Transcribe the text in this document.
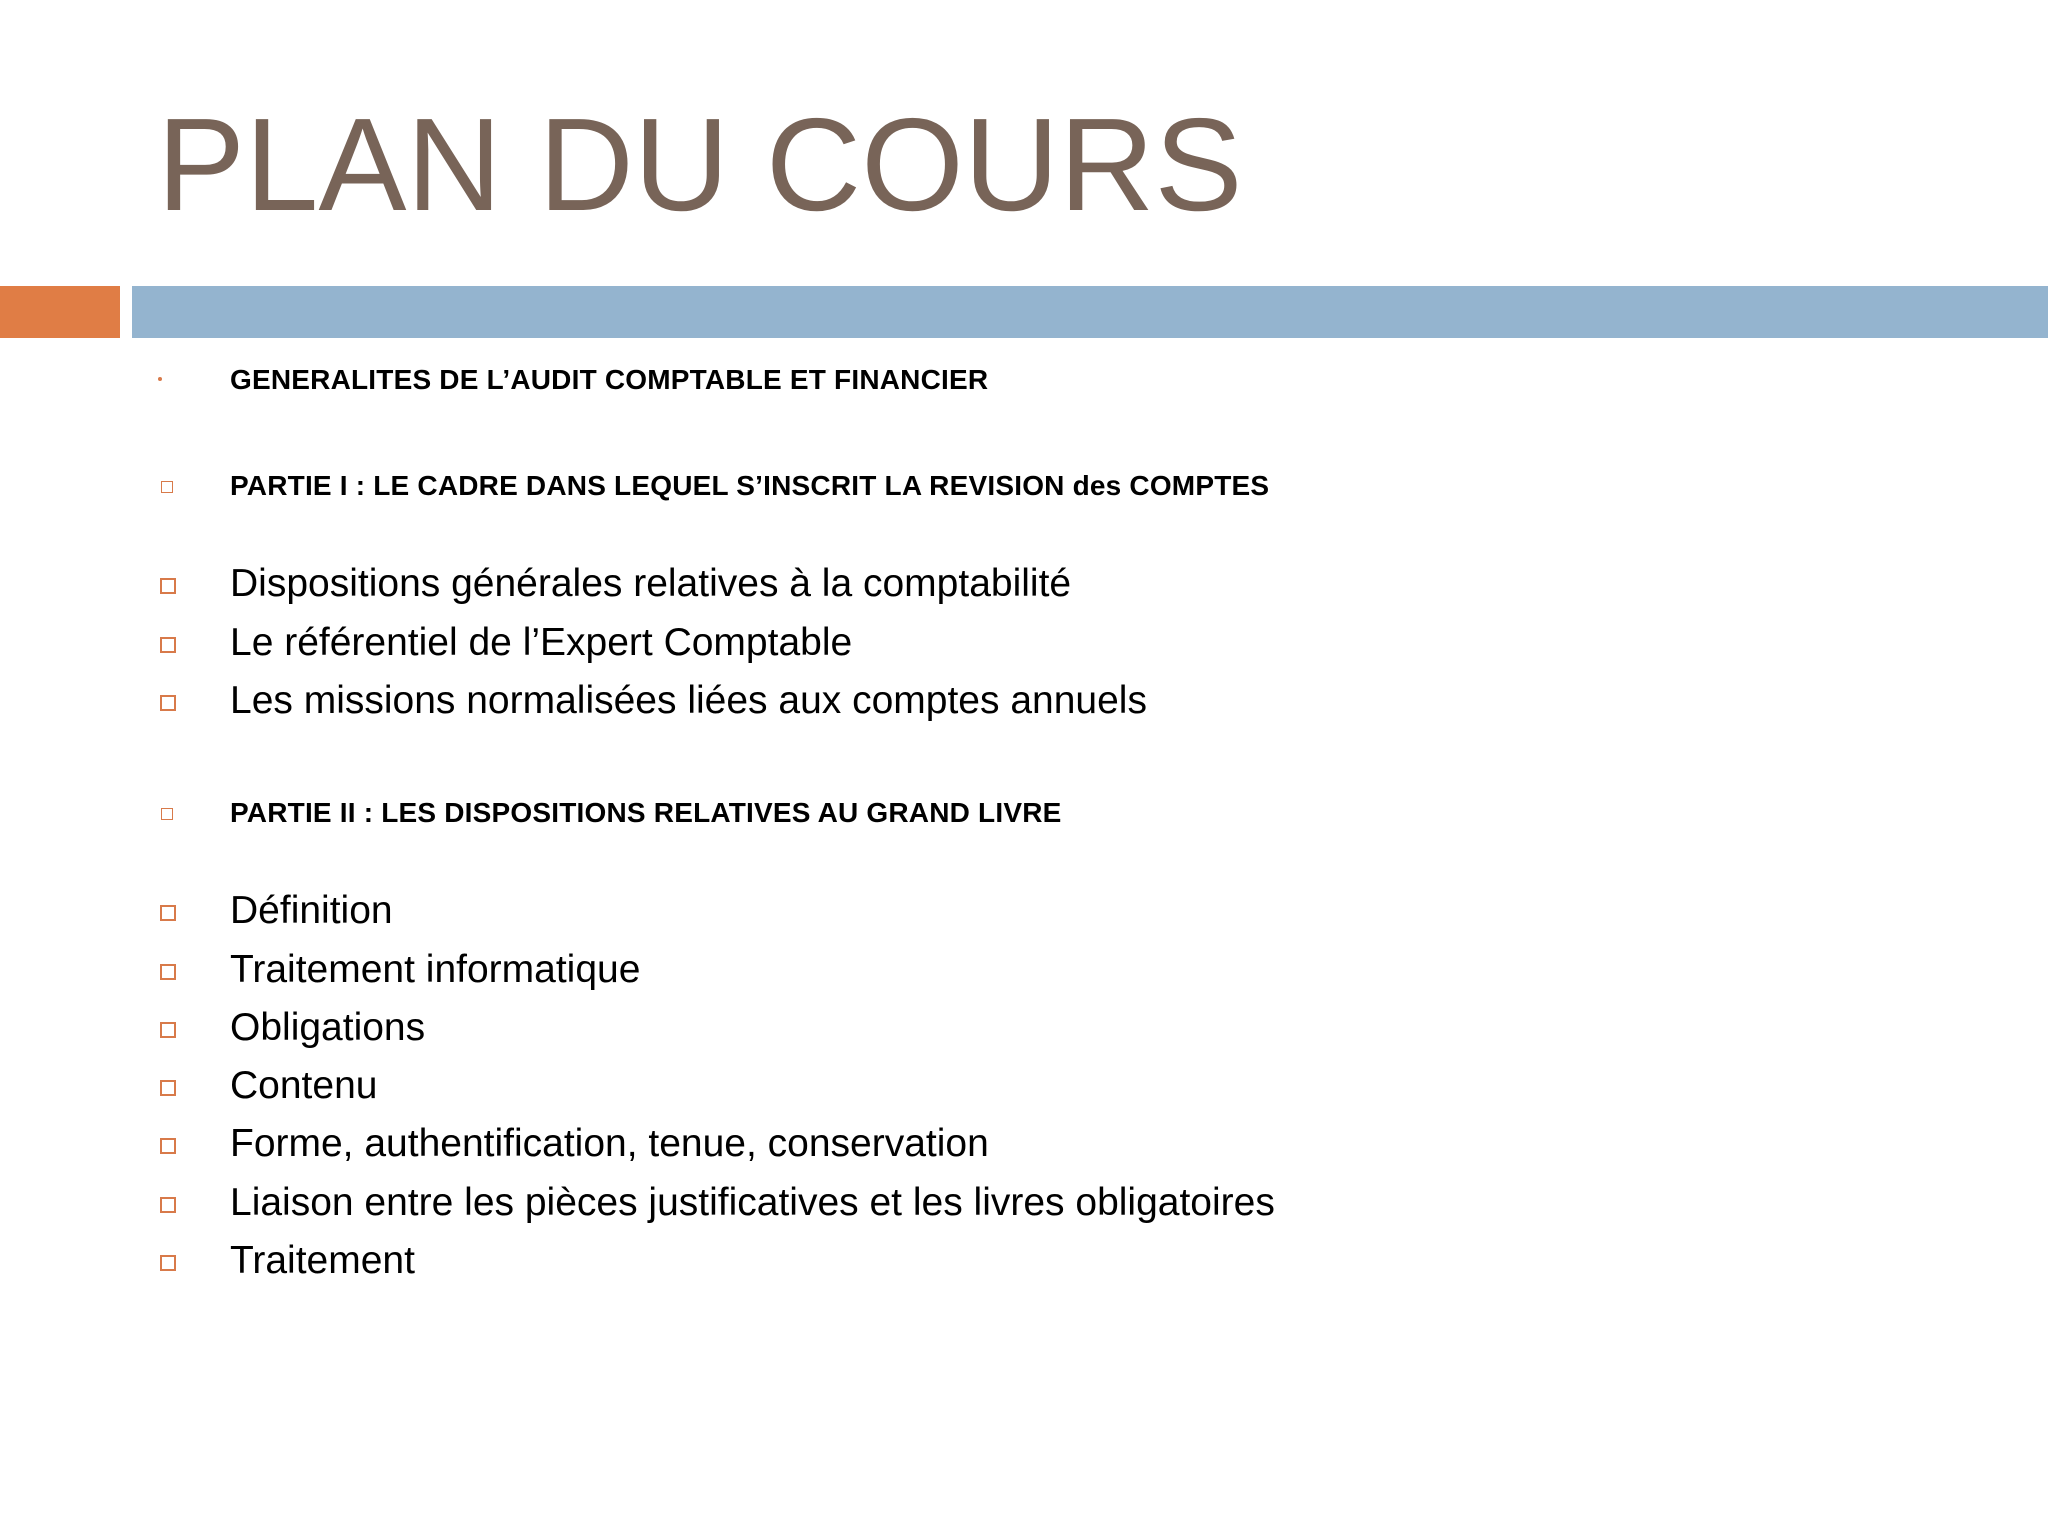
PLAN DU COURS
GENERALITES DE L’AUDIT COMPTABLE ET FINANCIER
PARTIE I : LE CADRE DANS LEQUEL S’INSCRIT LA REVISION des COMPTES
Dispositions générales relatives à la comptabilité
Le référentiel de l’Expert Comptable
Les missions normalisées liées aux comptes annuels
PARTIE II : LES DISPOSITIONS RELATIVES AU GRAND LIVRE
Définition
Traitement informatique
Obligations
Contenu
Forme, authentification, tenue, conservation
Liaison entre les pièces justificatives et les livres obligatoires
Traitement
